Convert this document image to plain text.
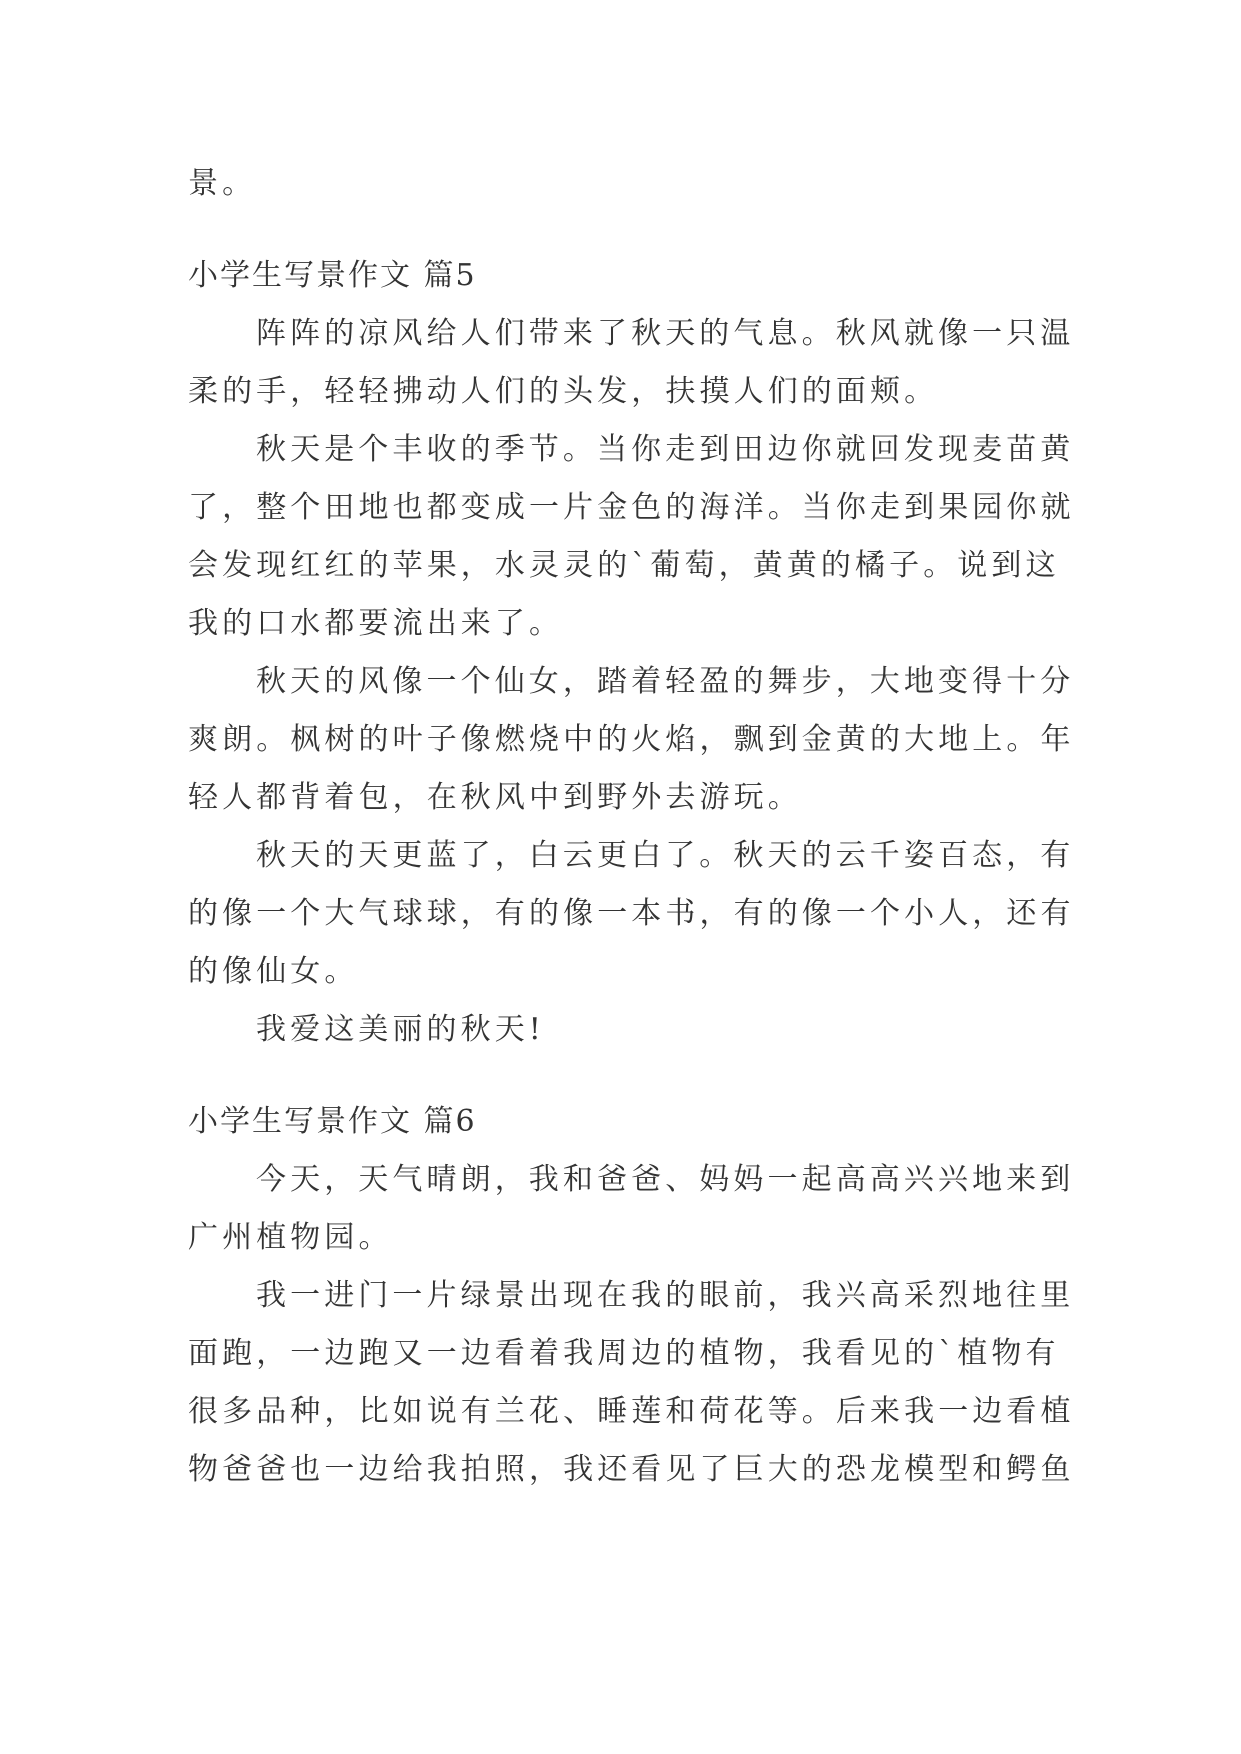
景。

小学生写景作文 篇5

阵阵的凉风给人们带来了秋天的气息。秋风就像一只温

柔的手，轻轻拂动人们的头发，扶摸人们的面颊。

秋天是个丰收的季节。当你走到田边你就回发现麦苗黄

了，整个田地也都变成一片金色的海洋。当你走到果园你就

会发现红红的苹果，水灵灵的`葡萄，黄黄的橘子。说到这

我的口水都要流出来了。

秋天的风像一个仙女，踏着轻盈的舞步，大地变得十分

爽朗。枫树的叶子像燃烧中的火焰，飘到金黄的大地上。年

轻人都背着包，在秋风中到野外去游玩。

秋天的天更蓝了，白云更白了。秋天的云千姿百态，有

的像一个大气球球，有的像一本书，有的像一个小人，还有

的像仙女。

我爱这美丽的秋天!

小学生写景作文 篇6

今天，天气晴朗，我和爸爸、妈妈一起高高兴兴地来到

广州植物园。

我一进门一片绿景出现在我的眼前，我兴高采烈地往里

面跑，一边跑又一边看着我周边的植物，我看见的`植物有

很多品种，比如说有兰花、睡莲和荷花等。后来我一边看植

物爸爸也一边给我拍照，我还看见了巨大的恐龙模型和鳄鱼
